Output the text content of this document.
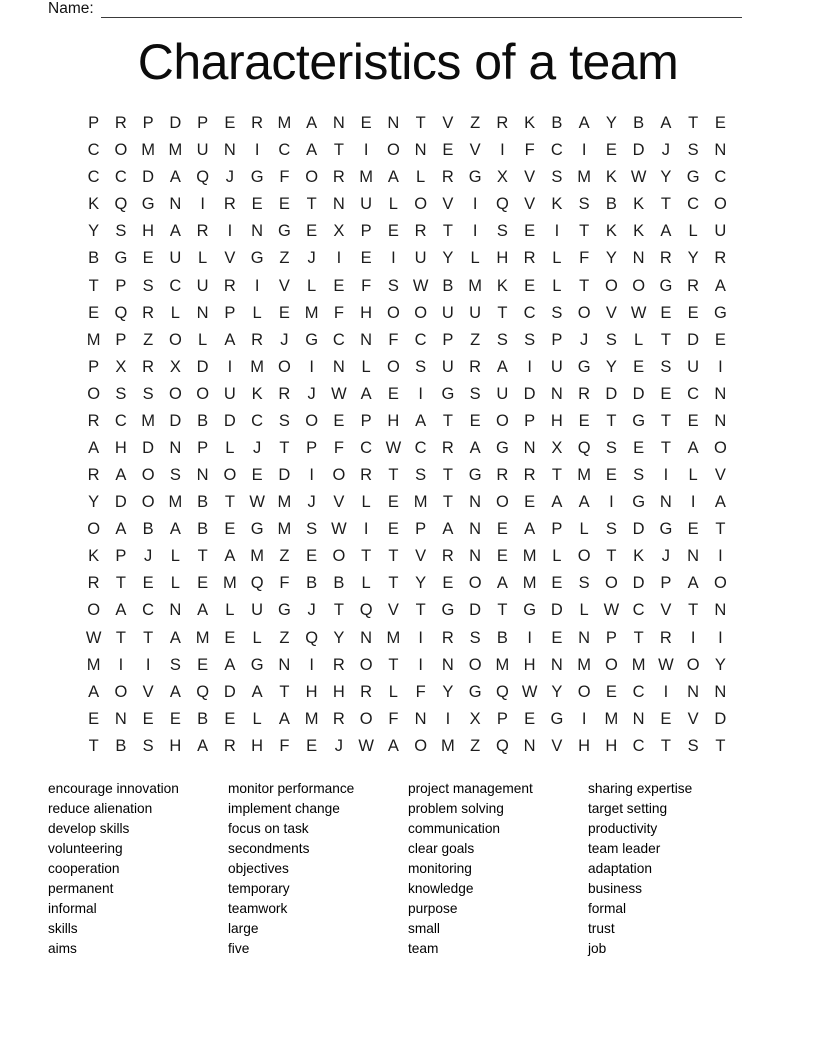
Name:
Characteristics of a team
P R P D P E R M A N E N T	V	Z R K B A Y B A	T	E
C O M M U N	I	C A	T	I	O N E V	I	F C	I	E D	J	S N
C C D A Q	J	G F O R M A	L	R G X V S M K W Y G C
K Q G N	I	R E E	T N U	L O V	I	Q V K S B K	T C O
Y S H A R	I	N G E X P E R T	I	S E	I	T	K K A	L	U
B G E U	L	V G Z	J	I	E	I	U Y	L	H R	L	F	Y N R Y R
T	P S C U R	I	V	L	E	F	S W B M K E	L	T O O G R A
E Q R	L	N P	L	E M F H O O U U T C S O V W E E G
M P	Z O L	A R	J	G C N F C P	Z	S S P	J	S	L	T D E
P X R X D	I	M O	I	N	L O S U R A	I	U G Y E S U	I
O S S O O U K R	J W A E	I	G S U D N R D D E C N
R C M D B D C S O E P H A	T	E O P H E	T G T	E N
A H D N P	L	J	T	P	F C W C R A G N X Q S E	T	A O
R A O S N O E D	I	O R T	S	T G R R T M E S	I	L	V
Y D O M B	T W M J	V	L	E M T N O E A A	I	G N	I	A
O A B A B E G M S W	I	E P A N E A P	L	S D G E	T
K P	J	L	T	A M Z	E O T	T	V R N E M L O T	K	J	N	I
R T	E	L	E M Q F	B B	L	T	Y E O A M E S O D P A O
O A C N A	L	U G	J	T Q V	T G D T G D	L W C V	T N
W T	T	A M E	L	Z Q Y N M	I	R S B	I	E N P	T R	I	I
M	I	I	S E A G N	I	R O T	I	N O M H N M O M W O Y
A O V A Q D A	T H H R	L	F	Y G Q W Y O E C	I	N N
E N E E B E	L	A M R O F N	I	X P E G	I	M N E V D
T	B S H A R H F	E	J W A O M Z Q N V H H C T	S	T
encourage innovation
reduce alienation
develop skills
volunteering
cooperation
permanent
informal
skills
aims
monitor performance
implement change
focus on task
secondments
objectives
temporary
teamwork
large
five
project management
problem solving
communication
clear goals
monitoring
knowledge
purpose
small
team
sharing expertise
target setting
productivity
team leader
adaptation
business
formal
trust
job
